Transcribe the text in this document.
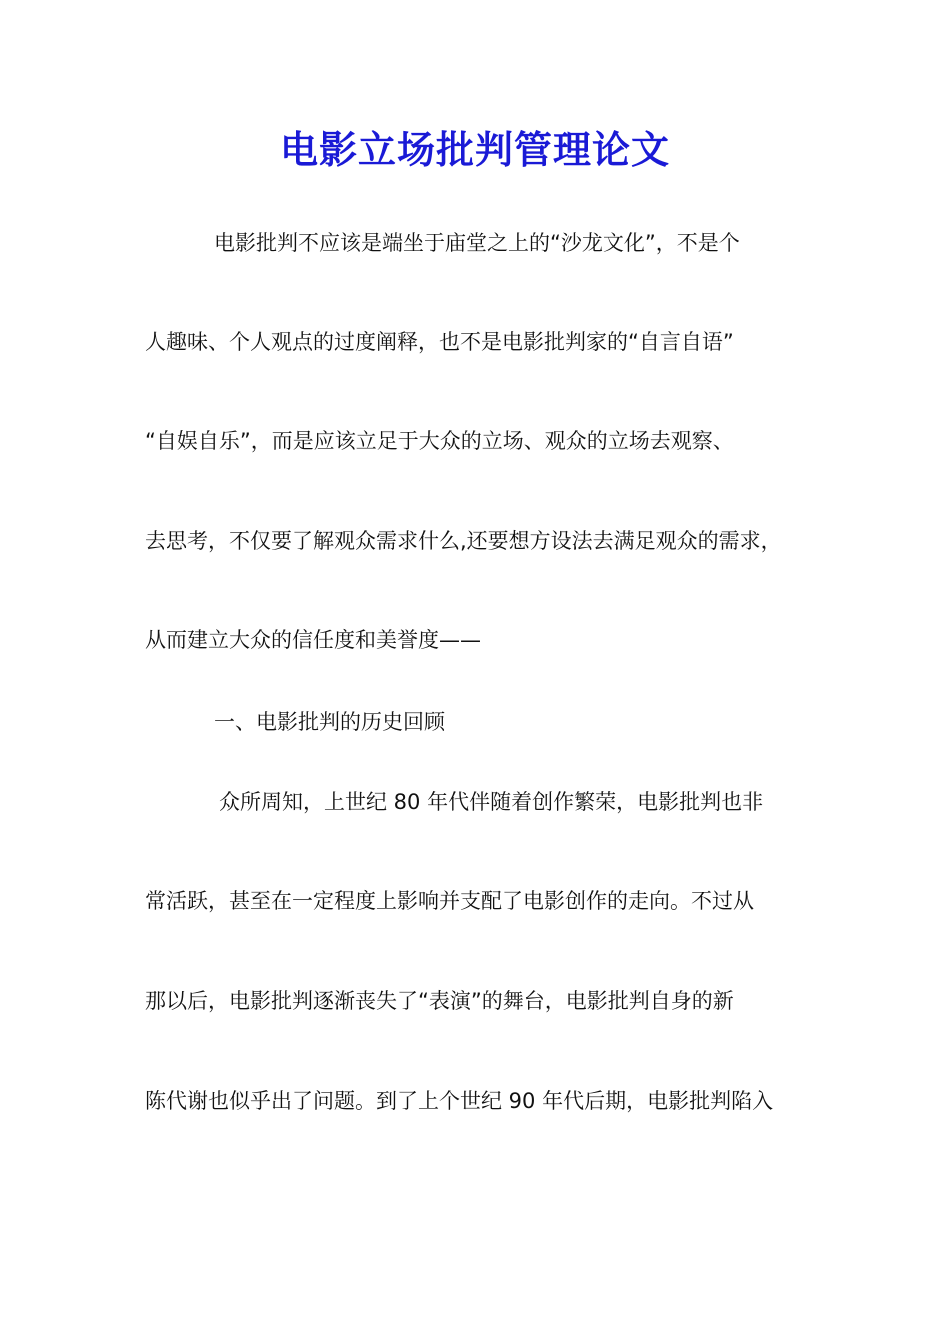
电影立场批判管理论文

电影批判不应该是端坐于庙堂之上的“沙龙文化”，不是个

人趣味、个人观点的过度阐释，也不是电影批判家的“自言自语”

“自娱自乐”，而是应该立足于大众的立场、观众的立场去观察、

去思考，不仅要了解观众需求什么,还要想方设法去满足观众的需求，

从而建立大众的信任度和美誉度——

一、电影批判的历史回顾

众所周知，上世纪 80 年代伴随着创作繁荣，电影批判也非

常活跃，甚至在一定程度上影响并支配了电影创作的走向。不过从

那以后，电影批判逐渐丧失了“表演”的舞台，电影批判自身的新

陈代谢也似乎出了问题。到了上个世纪 90 年代后期，电影批判陷入
